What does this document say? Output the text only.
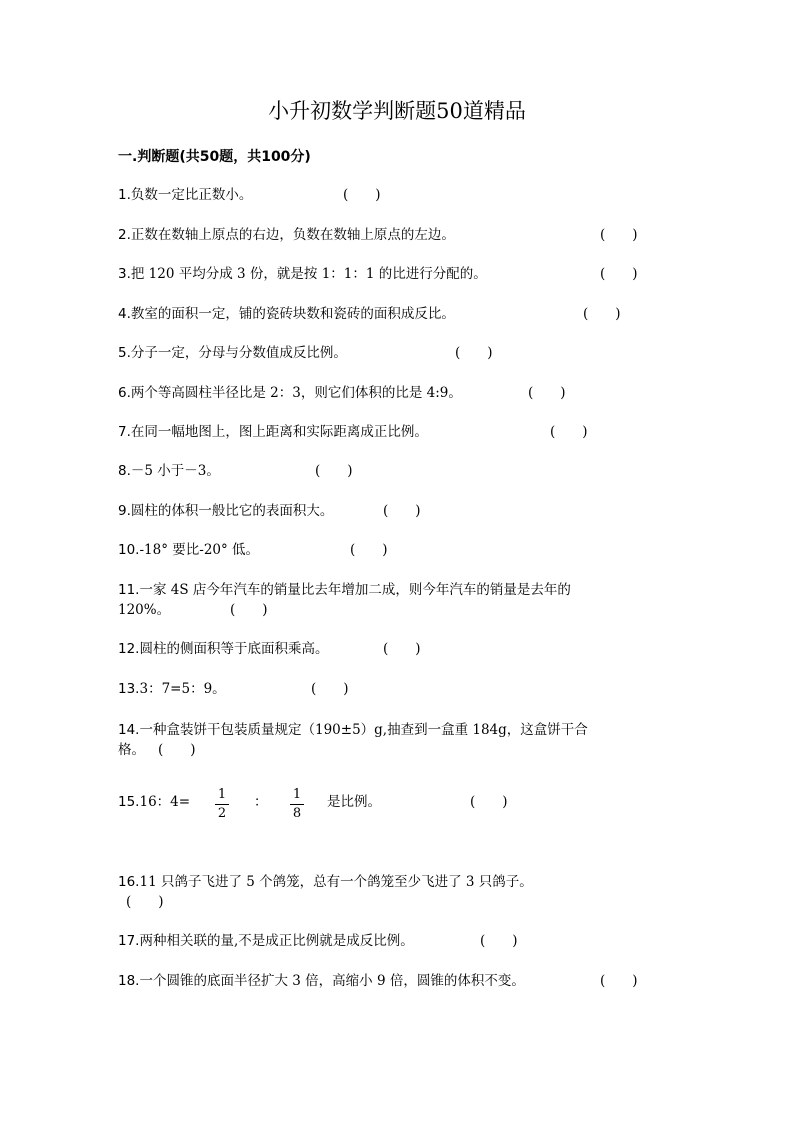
小升初数学判断题50道精品
一.判断题(共50题，共100分)
1.负数一定比正数小。	(　　)
2.正数在数轴上原点的右边，负数在数轴上原点的左边。	(　　)
3.把 120 平均分成 3 份，就是按 1：1：1 的比进行分配的。	(　　)
4.教室的面积一定，铺的瓷砖块数和瓷砖的面积成反比。	(　　)
5.分子一定，分母与分数值成反比例。	(　　)
6.两个等高圆柱半径比是 2：3，则它们体积的比是 4:9。	(　　)
7.在同一幅地图上，图上距离和实际距离成正比例。	(　　)
8.－5 小于－3。	(　　)
9.圆柱的体积一般比它的表面积大。	(　　)
10.-18° 要比-20° 低。	(　　)
11.一家 4S 店今年汽车的销量比去年增加二成，则今年汽车的销量是去年的
120%。	(　　)
12.圆柱的侧面积等于底面积乘高。	(　　)
13.3：7=5：9。	(　　)
14.一种盒装饼干包装质量规定（190±5）g,抽查到一盒重 184g，这盒饼干合
格。 (　　)
15.16：4= 1
2
： 1
8
是比例。	(　　)
16.11 只鸽子飞进了 5 个鸽笼，总有一个鸽笼至少飞进了 3 只鸽子。
(　　)
17.两种相关联的量,不是成正比例就是成反比例。	(　　)
18.一个圆锥的底面半径扩大 3 倍，高缩小 9 倍，圆锥的体积不变。	(　　)
